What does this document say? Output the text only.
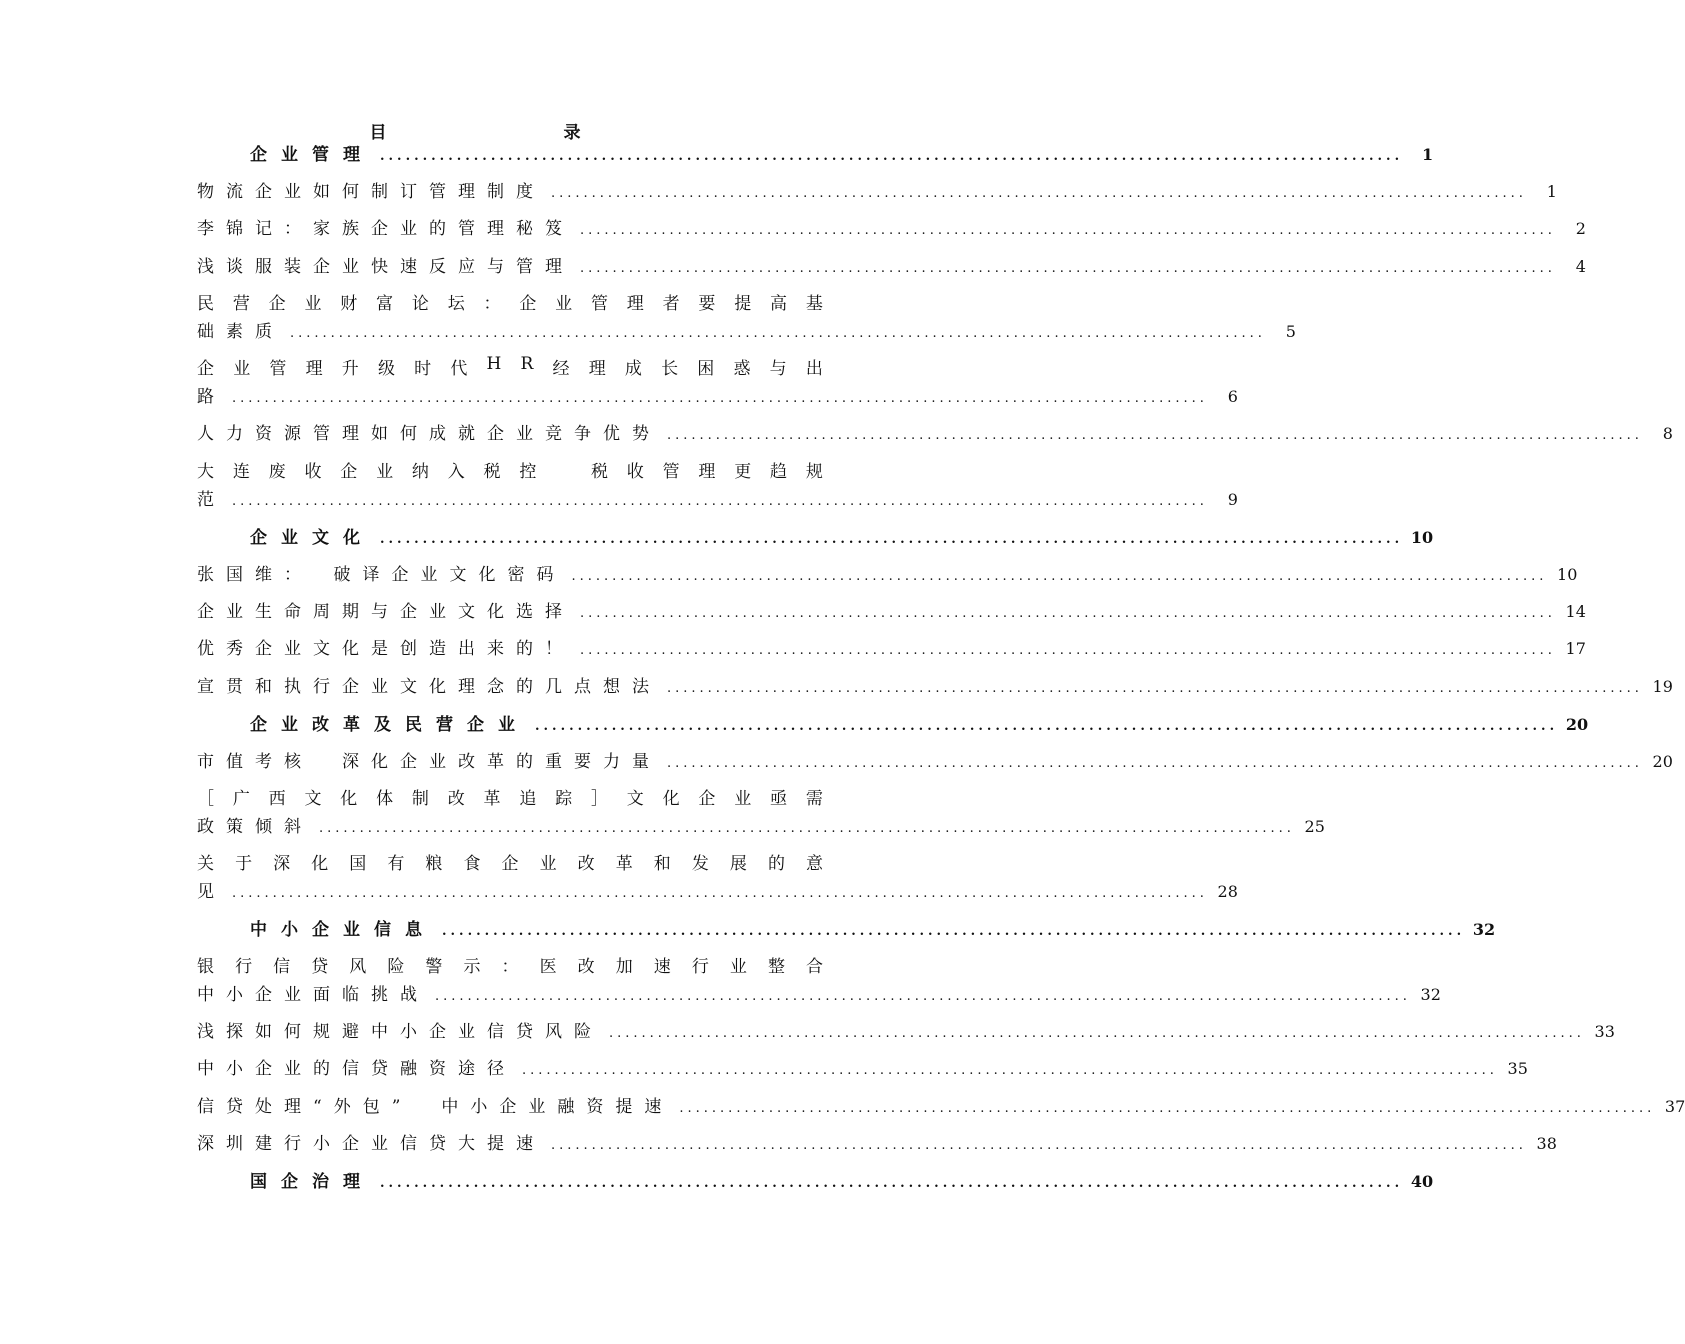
目　录
企业管理 ........................................................................................................................	1
物流企业如何制订管理制度 ........................................................................................................................	1
李锦记：家族企业的管理秘笈 ........................................................................................................................	2
浅谈服装企业快速反应与管理 ........................................................................................................................	4
民 营 企 业 财 富 论 坛 ： 企 业 管 理 者 要 提 高 基
础素质 ........................................................................................................................	5
企 业 管 理 升 级 时 代 H R 经 理 成 长 困 惑 与 出
路 ........................................................................................................................	6
人力资源管理如何成就企业竞争优势 ........................................................................................................................	8
大 连 废 收 企 业 纳 入 税 控
　	税 收 管 理 更 趋 规
范 ........................................................................................................................	9
企业文化 ........................................................................................................................ 10
张国维：　破译企业文化密码 ........................................................................................................................ 10
企业生命周期与企业文化选择 ........................................................................................................................ 14
优秀企业文化是创造出来的！ ........................................................................................................................ 17
宣贯和执行企业文化理念的几点想法 ........................................................................................................................ 19
企业改革及民营企业 ........................................................................................................................ 20
市值考核　深化企业改革的重要力量 ........................................................................................................................ 20
［ 广 西 文 化 体 制 改 革 追 踪 ］ 文 化 企 业 亟 需
政策倾斜 ........................................................................................................................ 25
关 于 深 化 国 有 粮 食 企 业 改 革 和 发 展 的 意
见 ........................................................................................................................ 28
中小企业信息 ........................................................................................................................ 32
银 行 信 贷 风 险 警 示 ： 医 改 加 速 行 业 整 合
中小企业面临挑战 ........................................................................................................................ 32
浅探如何规避中小企业信贷风险 ........................................................................................................................ 33
中小企业的信贷融资途径 ........................................................................................................................ 35
信贷处理“外包”　中小企业融资提速 ........................................................................................................................ 37
深圳建行小企业信贷大提速 ........................................................................................................................ 38
国企治理 ........................................................................................................................ 40
